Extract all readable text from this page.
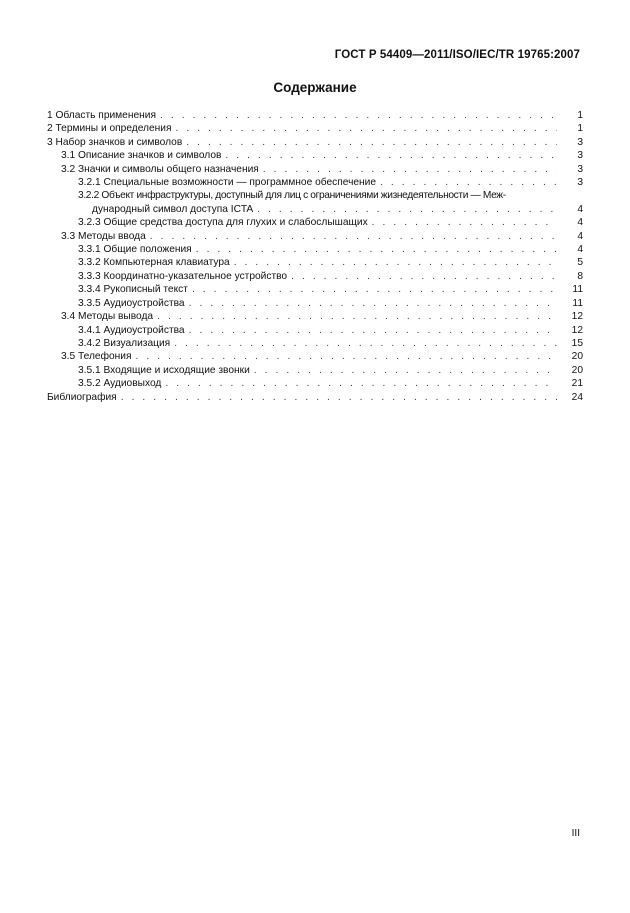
ГОСТ Р 54409—2011/ISO/IEC/TR 19765:2007
Содержание
1 Область применения . . .	1
2 Термины и определения . . .	1
3 Набор значков и символов . . .	3
3.1 Описание значков и символов . . .	3
3.2 Значки и символы общего назначения . . .	3
3.2.1 Специальные возможности — программное обеспечение . . .	3
3.2.2 Объект инфраструктуры, доступный для лиц с ограничениями жизнедеятельности — Меж-
дународный символ доступа ICTA . . .	4
3.2.3 Общие средства доступа для глухих и слабослышащих . . .	4
3.3 Методы ввода . . .	4
3.3.1 Общие положения . . .	4
3.3.2 Компьютерная клавиатура . . .	5
3.3.3 Координатно-указательное устройство . . .	8
3.3.4 Рукописный текст . . .	11
3.3.5 Аудиоустройства . . .	11
3.4 Методы вывода . . .	12
3.4.1 Аудиоустройства . . .	12
3.4.2 Визуализация . . .	15
3.5 Телефония . . .	20
3.5.1 Входящие и исходящие звонки . . .	20
3.5.2 Аудиовыход . . .	21
Библиография . . .	24
III
